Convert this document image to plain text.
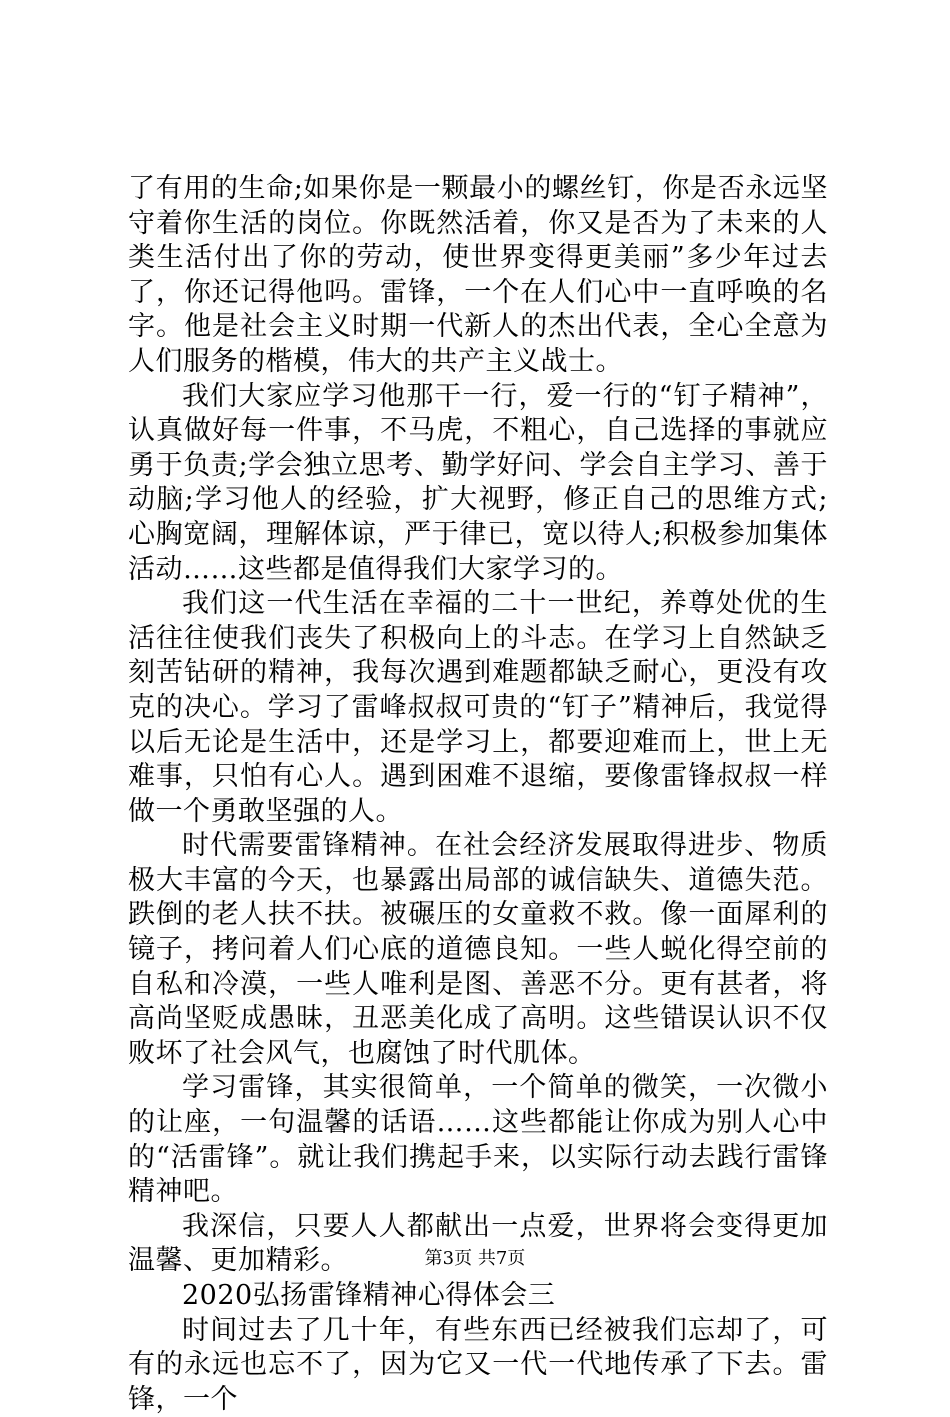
了有用的生命;如果你是一颗最小的螺丝钉，你是否永远坚守着你生活的岗位。你既然活着，你又是否为了未来的人类生活付出了你的劳动，使世界变得更美丽”多少年过去了，你还记得他吗。雷锋，一个在人们心中一直呼唤的名字。他是社会主义时期一代新人的杰出代表，全心全意为人们服务的楷模，伟大的共产主义战士。

我们大家应学习他那干一行，爱一行的“钉子精神”，认真做好每一件事，不马虎，不粗心，自己选择的事就应勇于负责;学会独立思考、勤学好问、学会自主学习、善于动脑;学习他人的经验，扩大视野，修正自己的思维方式;心胸宽阔，理解体谅，严于律已，宽以待人;积极参加集体活动……这些都是值得我们大家学习的。

我们这一代生活在幸福的二十一世纪，养尊处优的生活往往使我们丧失了积极向上的斗志。在学习上自然缺乏刻苦钻研的精神，我每次遇到难题都缺乏耐心，更没有攻克的决心。学习了雷峰叔叔可贵的“钉子”精神后，我觉得以后无论是生活中，还是学习上，都要迎难而上，世上无难事，只怕有心人。遇到困难不退缩，要像雷锋叔叔一样做一个勇敢坚强的人。

时代需要雷锋精神。在社会经济发展取得进步、物质极大丰富的今天，也暴露出局部的诚信缺失、道德失范。跌倒的老人扶不扶。被碾压的女童救不救。像一面犀利的镜子，拷问着人们心底的道德良知。一些人蜕化得空前的自私和冷漠，一些人唯利是图、善恶不分。更有甚者，将高尚坚贬成愚昧，丑恶美化成了高明。这些错误认识不仅败坏了社会风气，也腐蚀了时代肌体。

学习雷锋，其实很简单，一个简单的微笑，一次微小的让座，一句温馨的话语……这些都能让你成为别人心中的“活雷锋”。就让我们携起手来，以实际行动去践行雷锋精神吧。

我深信，只要人人都献出一点爱，世界将会变得更加温馨、更加精彩。

2020弘扬雷锋精神心得体会三

时间过去了几十年，有些东西已经被我们忘却了，可有的永远也忘不了，因为它又一代一代地传承了下去。雷锋，一个

第3页 共7页
